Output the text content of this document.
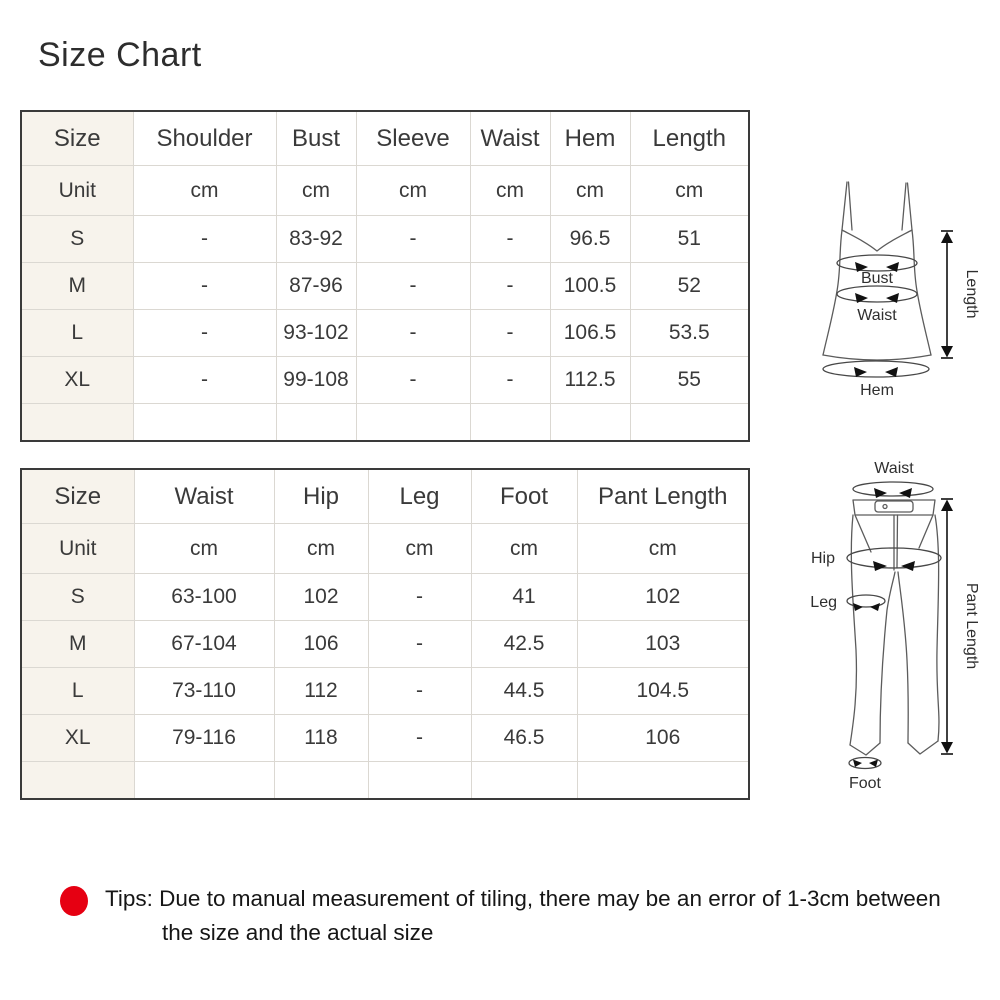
Size Chart
Size	Shoulder	Bust	Sleeve	Waist	Hem	Length
Unit	cm	cm	cm	cm	cm	cm
S	-	83-92	-	-	96.5	51
M	-	87-96	-	-	100.5	52
L	-	93-102	-	-	106.5	53.5
XL	-	99-108	-	-	112.5	55

Size	Waist	Hip	Leg	Foot	Pant Length
Unit	cm	cm	cm	cm	cm
S	63-100	102	-	41	102
M	67-104	106	-	42.5	103
L	73-110	112	-	44.5	104.5
XL	79-116	118	-	46.5	106

Bust
Waist
Hem
Length
Waist
Hip
Leg
Foot
Pant Length
Tips: Due to manual measurement of tiling, there may be an error of 1-3cm between
the size and the actual size
